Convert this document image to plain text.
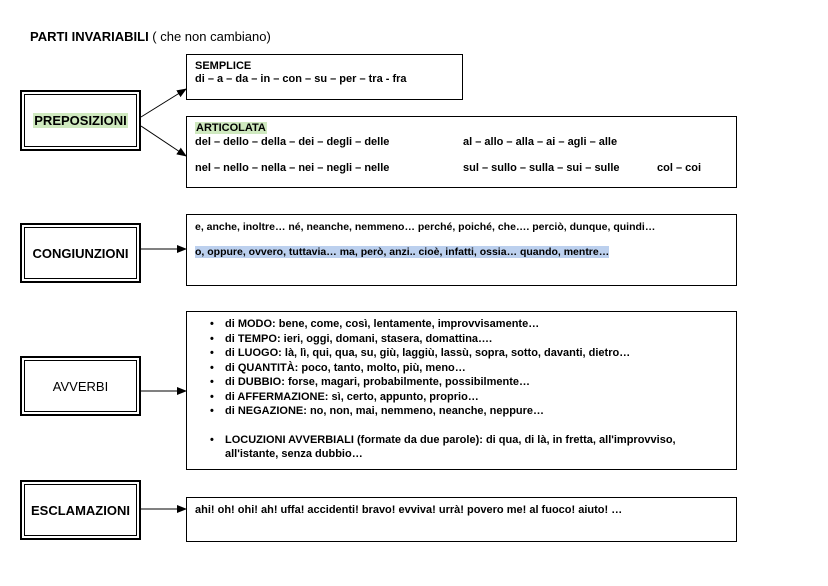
PARTI INVARIABILI ( che non cambiano)
PREPOSIZIONI
SEMPLICE
di – a – da – in – con – su – per – tra - fra
ARTICOLATA
del – dello – della – dei – degli – delle	al – allo – alla – ai – agli – alle
nel – nello – nella – nei – negli – nelle	sul – sullo – sulla – sui – sulle	col – coi
CONGIUNZIONI
e, anche, inoltre… né, neanche, nemmeno… perché, poiché, che…. perciò, dunque, quindi…
o, oppure, ovvero, tuttavia… ma, però, anzi.. cioè, infatti, ossia… quando, mentre…
AVVERBI
• di MODO: bene, come, così, lentamente, improvvisamente…
• di TEMPO: ieri, oggi, domani, stasera, domattina….
• di LUOGO: là, lì, qui, qua, su, giù, laggiù, lassù, sopra, sotto, davanti, dietro…
• di QUANTITÀ: poco, tanto, molto, più, meno…
• di DUBBIO: forse, magari, probabilmente, possibilmente…
• di AFFERMAZIONE: sì, certo, appunto, proprio…
• di NEGAZIONE: no, non, mai, nemmeno, neanche, neppure…
• LOCUZIONI AVVERBIALI (formate da due parole): di qua, di là, in fretta, all'improvviso, all'istante, senza dubbio…
ESCLAMAZIONI	ahi! oh! ohi! ah! uffa! accidenti! bravo! evviva! urrà! povero me! al fuoco! aiuto! …
